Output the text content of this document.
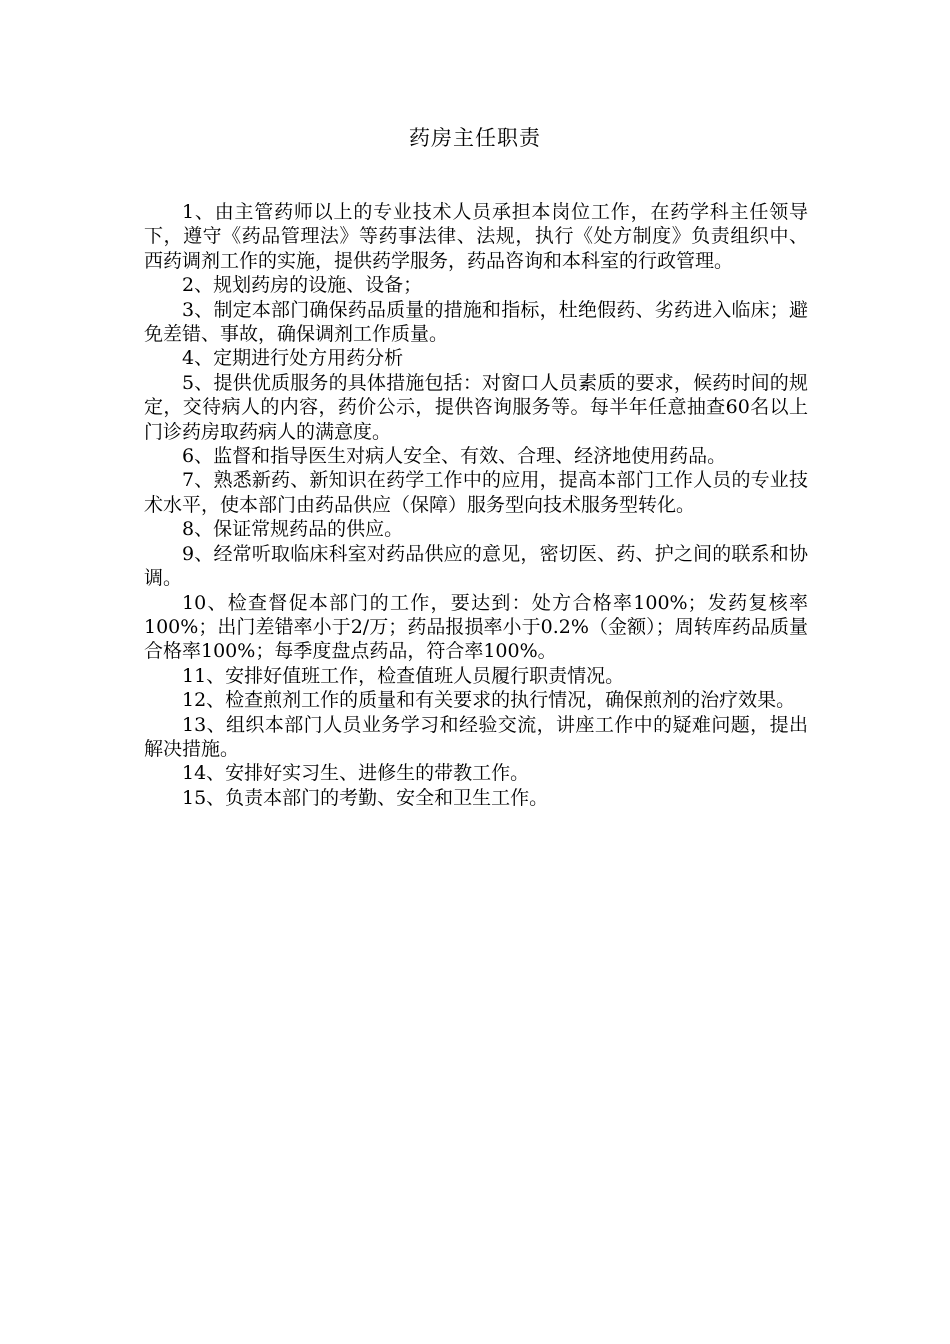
药房主任职责

1、由主管药师以上的专业技术人员承担本岗位工作，在药学科主任领导下，遵守《药品管理法》等药事法律、法规，执行《处方制度》负责组织中、西药调剂工作的实施，提供药学服务，药品咨询和本科室的行政管理。

2、规划药房的设施、设备；

3、制定本部门确保药品质量的措施和指标，杜绝假药、劣药进入临床；避免差错、事故，确保调剂工作质量。

4、定期进行处方用药分析

5、提供优质服务的具体措施包括：对窗口人员素质的要求，候药时间的规定，交待病人的内容，药价公示，提供咨询服务等。每半年任意抽查60名以上门诊药房取药病人的满意度。

6、监督和指导医生对病人安全、有效、合理、经济地使用药品。

7、熟悉新药、新知识在药学工作中的应用，提高本部门工作人员的专业技术水平，使本部门由药品供应（保障）服务型向技术服务型转化。

8、保证常规药品的供应。

9、经常听取临床科室对药品供应的意见，密切医、药、护之间的联系和协调。

10、检查督促本部门的工作，要达到：处方合格率100%；发药复核率100%；出门差错率小于2/万；药品报损率小于0.2%（金额）；周转库药品质量合格率100%；每季度盘点药品，符合率100%。

11、安排好值班工作，检查值班人员履行职责情况。

12、检查煎剂工作的质量和有关要求的执行情况，确保煎剂的治疗效果。

13、组织本部门人员业务学习和经验交流，讲座工作中的疑难问题，提出解决措施。

14、安排好实习生、进修生的带教工作。

15、负责本部门的考勤、安全和卫生工作。
